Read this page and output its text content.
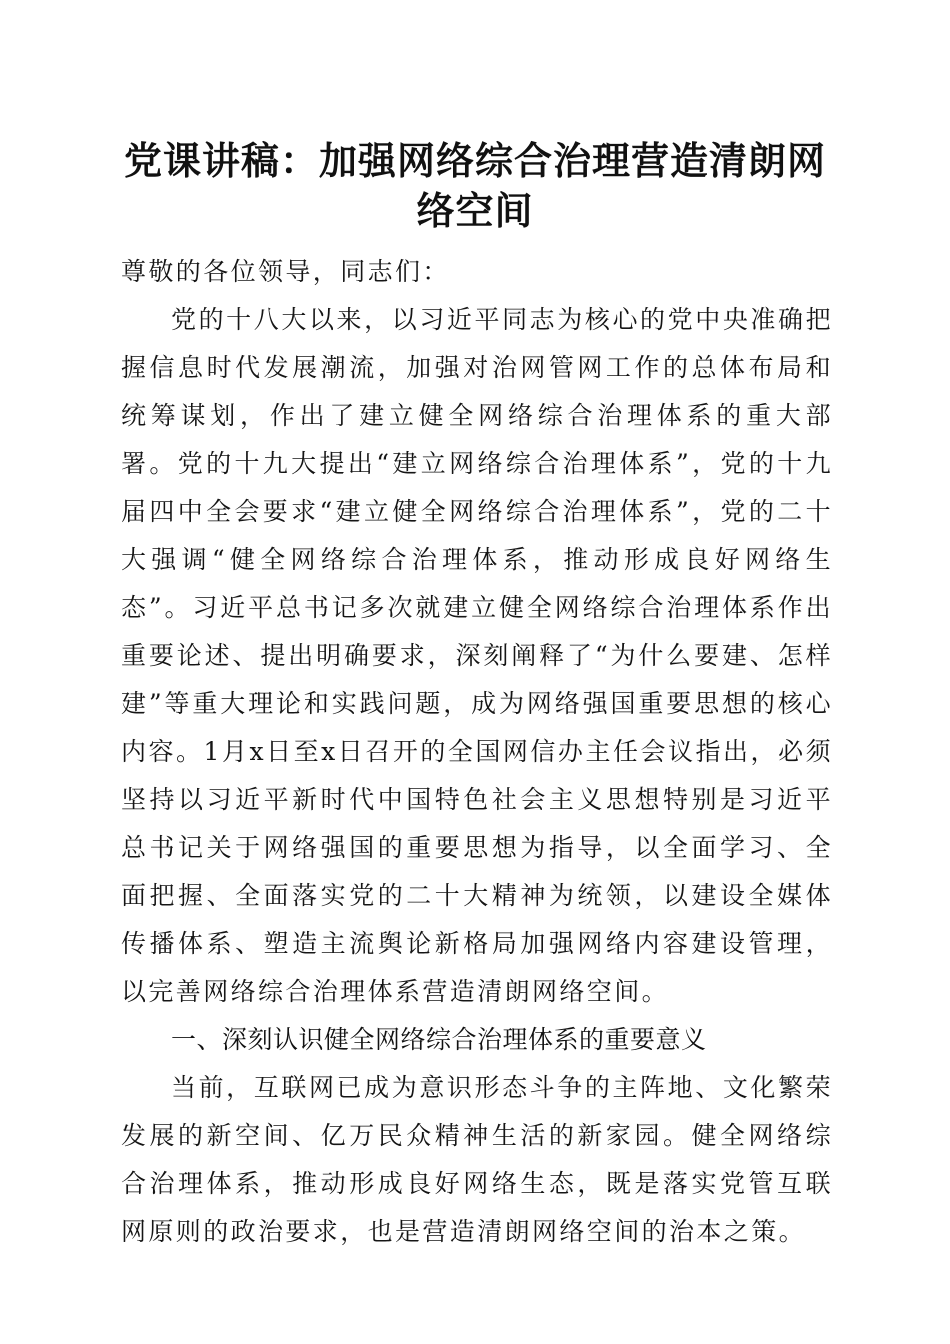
党课讲稿：加强网络综合治理营造清朗网络空间

尊敬的各位领导，同志们：

党的十八大以来，以习近平同志为核心的党中央准确把握信息时代发展潮流，加强对治网管网工作的总体布局和统筹谋划，作出了建立健全网络综合治理体系的重大部署。党的十九大提出“建立网络综合治理体系”，党的十九届四中全会要求“建立健全网络综合治理体系”，党的二十大强调“健全网络综合治理体系，推动形成良好网络生态”。习近平总书记多次就建立健全网络综合治理体系作出重要论述、提出明确要求，深刻阐释了“为什么要建、怎样建”等重大理论和实践问题，成为网络强国重要思想的核心内容。1月x日至x日召开的全国网信办主任会议指出，必须坚持以习近平新时代中国特色社会主义思想特别是习近平总书记关于网络强国的重要思想为指导，以全面学习、全面把握、全面落实党的二十大精神为统领，以建设全媒体传播体系、塑造主流舆论新格局加强网络内容建设管理，以完善网络综合治理体系营造清朗网络空间。

一、深刻认识健全网络综合治理体系的重要意义

当前，互联网已成为意识形态斗争的主阵地、文化繁荣发展的新空间、亿万民众精神生活的新家园。健全网络综合治理体系，推动形成良好网络生态，既是落实党管互联网原则的政治要求，也是营造清朗网络空间的治本之策。
